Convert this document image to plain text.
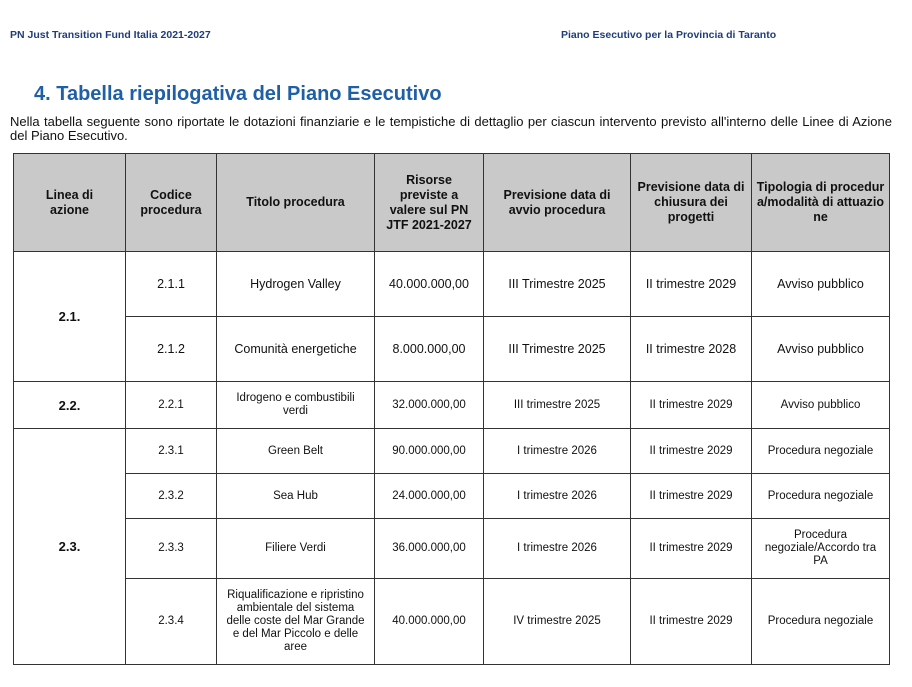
PN Just Transition Fund Italia 2021-2027	Piano Esecutivo per la Provincia di Taranto
4. Tabella riepilogativa del Piano Esecutivo
Nella tabella seguente sono riportate le dotazioni finanziarie e le tempistiche di dettaglio per ciascun intervento previsto all'interno delle Linee di Azione del Piano Esecutivo.
Linea di azione	Codice procedura	Titolo procedura	Risorse previste a valere sul PN JTF 2021-2027	Previsione data di avvio procedura	Previsione data di chiusura dei progetti	Tipologia di procedura/modalità di attuazione
2.1.	2.1.1	Hydrogen Valley	40.000.000,00	III Trimestre 2025	II trimestre 2029	Avviso pubblico
	2.1.2	Comunità energetiche	8.000.000,00	III Trimestre 2025	II trimestre 2028	Avviso pubblico
2.2.	2.2.1	Idrogeno e combustibili verdi	32.000.000,00	III trimestre 2025	II trimestre 2029	Avviso pubblico
2.3.	2.3.1	Green Belt	90.000.000,00	I trimestre 2026	II trimestre 2029	Procedura negoziale
	2.3.2	Sea Hub	24.000.000,00	I trimestre 2026	II trimestre 2029	Procedura negoziale
	2.3.3	Filiere Verdi	36.000.000,00	I trimestre 2026	II trimestre 2029	Procedura negoziale/Accordo tra PA
	2.3.4	Riqualificazione e ripristino ambientale del sistema delle coste del Mar Grande e del Mar Piccolo e delle aree	40.000.000,00	IV trimestre 2025	II trimestre 2029	Procedura negoziale
